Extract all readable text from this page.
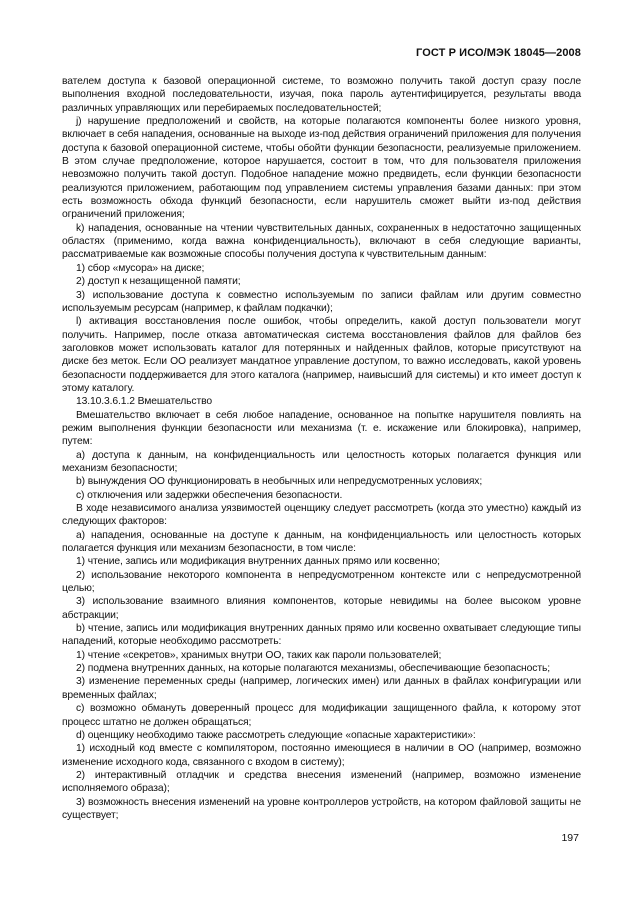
ГОСТ Р ИСО/МЭК 18045—2008

вателем доступа к базовой операционной системе, то возможно получить такой доступ сразу после выполнения входной последовательности, изучая, пока пароль аутентифицируется, результаты ввода различных управляющих или перебираемых последовательностей;

j) нарушение предположений и свойств, на которые полагаются компоненты более низкого уровня, включает в себя нападения, основанные на выходе из-под действия ограничений приложения для получения доступа к базовой операционной системе, чтобы обойти функции безопасности, реализуемые приложением. В этом случае предположение, которое нарушается, состоит в том, что для пользователя приложения невозможно получить такой доступ. Подобное нападение можно предвидеть, если функции безопасности реализуются приложением, работающим под управлением системы управления базами данных: при этом есть возможность обхода функций безопасности, если нарушитель сможет выйти из-под действия ограничений приложения;

k) нападения, основанные на чтении чувствительных данных, сохраненных в недостаточно защищенных областях (применимо, когда важна конфиденциальность), включают в себя следующие варианты, рассматриваемые как возможные способы получения доступа к чувствительным данным:

1) сбор «мусора» на диске;

2) доступ к незащищенной памяти;

3) использование доступа к совместно используемым по записи файлам или другим совместно используемым ресурсам (например, к файлам подкачки);

l) активация восстановления после ошибок, чтобы определить, какой доступ пользователи могут получить. Например, после отказа автоматическая система восстановления файлов для файлов без заголовков может использовать каталог для потерянных и найденных файлов, которые присутствуют на диске без меток. Если ОО реализует мандатное управление доступом, то важно исследовать, какой уровень безопасности поддерживается для этого каталога (например, наивысший для системы) и кто имеет доступ к этому каталогу.

13.10.3.6.1.2 Вмешательство

Вмешательство включает в себя любое нападение, основанное на попытке нарушителя повлиять на режим выполнения функции безопасности или механизма (т. е. искажение или блокировка), например, путем:

a) доступа к данным, на конфиденциальность или целостность которых полагается функция или механизм безопасности;

b) вынуждения ОО функционировать в необычных или непредусмотренных условиях;

c) отключения или задержки обеспечения безопасности.

В ходе независимого анализа уязвимостей оценщику следует рассмотреть (когда это уместно) каждый из следующих факторов:

a) нападения, основанные на доступе к данным, на конфиденциальность или целостность которых полагается функция или механизм безопасности, в том числе:

1) чтение, запись или модификация внутренних данных прямо или косвенно;

2) использование некоторого компонента в непредусмотренном контексте или с непредусмотренной целью;

3) использование взаимного влияния компонентов, которые невидимы на более высоком уровне абстракции;

b) чтение, запись или модификация внутренних данных прямо или косвенно охватывает следующие типы нападений, которые необходимо рассмотреть:

1) чтение «секретов», хранимых внутри ОО, таких как пароли пользователей;

2) подмена внутренних данных, на которые полагаются механизмы, обеспечивающие безопасность;

3) изменение переменных среды (например, логических имен) или данных в файлах конфигурации или временных файлах;

c) возможно обмануть доверенный процесс для модификации защищенного файла, к которому этот процесс штатно не должен обращаться;

d) оценщику необходимо также рассмотреть следующие «опасные характеристики»:

1) исходный код вместе с компилятором, постоянно имеющиеся в наличии в ОО (например, возможно изменение исходного кода, связанного с входом в систему);

2) интерактивный отладчик и средства внесения изменений (например, возможно изменение исполняемого образа);

3) возможность внесения изменений на уровне контроллеров устройств, на котором файловой защиты не существует;

197
